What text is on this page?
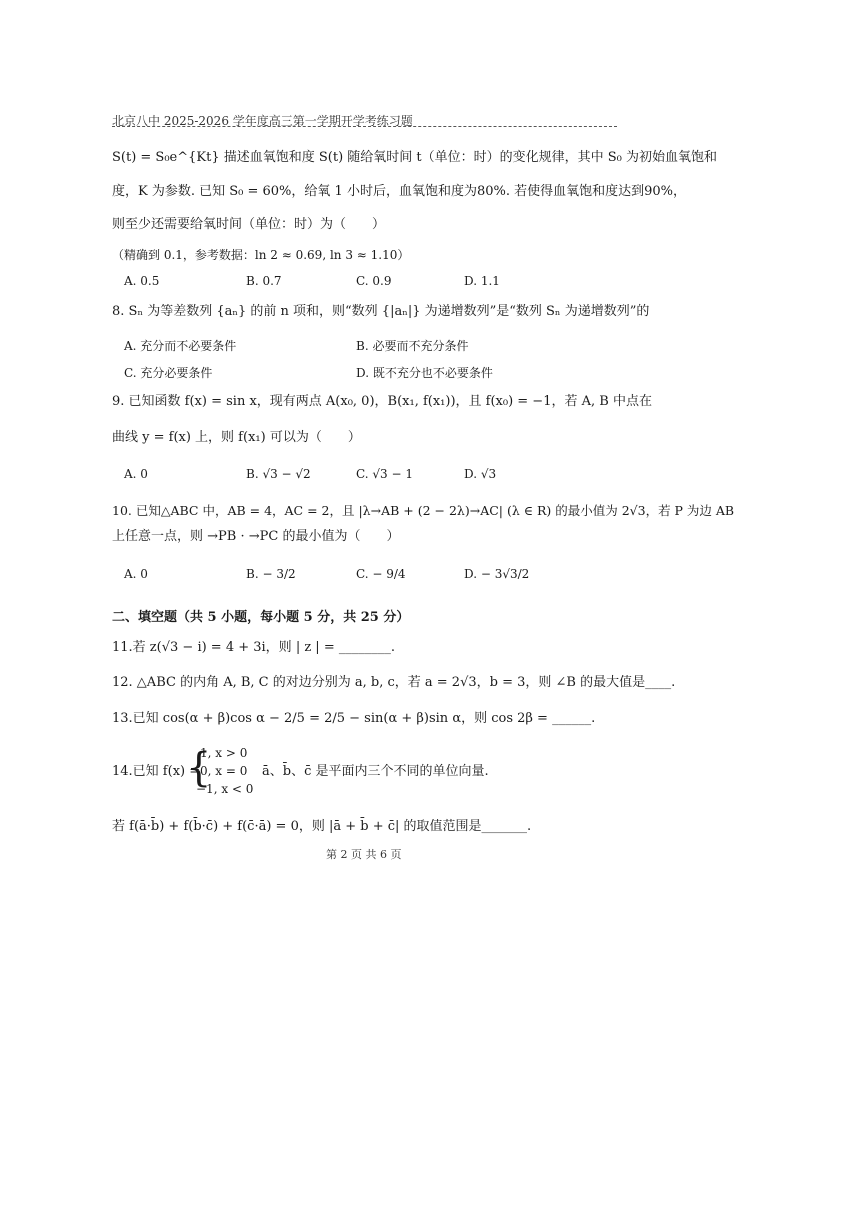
北京八中 2025-2026 学年度高三第一学期开学考练习题
S(t) = S₀e^{Kt} 描述血氧饱和度 S(t) 随给氧时间 t（单位：时）的变化规律，其中 S₀ 为初始血氧饱和
度，K 为参数. 已知 S₀ = 60%，给氧 1 小时后，血氧饱和度为80%. 若使得血氧饱和度达到90%，
则至少还需要给氧时间（单位：时）为（　　）
（精确到 0.1，参考数据：ln 2 ≈ 0.69, ln 3 ≈ 1.10）
A. 0.5	B. 0.7	C. 0.9	D. 1.1
8. Sₙ 为等差数列 {aₙ} 的前 n 项和，则“数列 {|aₙ|} 为递增数列”是“数列 Sₙ 为递增数列”的
A. 充分而不必要条件	B. 必要而不充分条件
C. 充分必要条件	D. 既不充分也不必要条件
9. 已知函数 f(x) = sin x，现有两点 A(x₀, 0)，B(x₁, f(x₁))，且 f(x₀) = −1，若 A, B 中点在
曲线 y = f(x) 上，则 f(x₁) 可以为（　　）
A. 0	B. √3 − √2	C. √3 − 1	D. √3
10. 已知△ABC 中，AB = 4，AC = 2，且 |λ→AB + (2 − 2λ)→AC| (λ ∈ R) 的最小值为 2√3，若 P 为边 AB
上任意一点，则 →PB · →PC 的最小值为（　　）
A. 0	B. − 3/2	C. − 9/4	D. − 3√3/2
二、填空题（共 5 小题，每小题 5 分，共 25 分）
11.若 z(√3 − i) = 4 + 3i，则 | z | = ________.
12. △ABC 的内角 A, B, C 的对边分别为 a, b, c，若 a = 2√3，b = 3，则 ∠B 的最大值是____.
13.已知 cos(α + β)cos α − 2/5 = 2/5 − sin(α + β)sin α，则 cos 2β = ______.
14.已知 f(x) =
{
1, x > 0
0, x = 0
−1, x < 0
ā、b̄、c̄ 是平面内三个不同的单位向量.
若 f(ā·b̄) + f(b̄·c̄) + f(c̄·ā) = 0，则 |ā + b̄ + c̄| 的取值范围是_______.
第 2 页 共 6 页
